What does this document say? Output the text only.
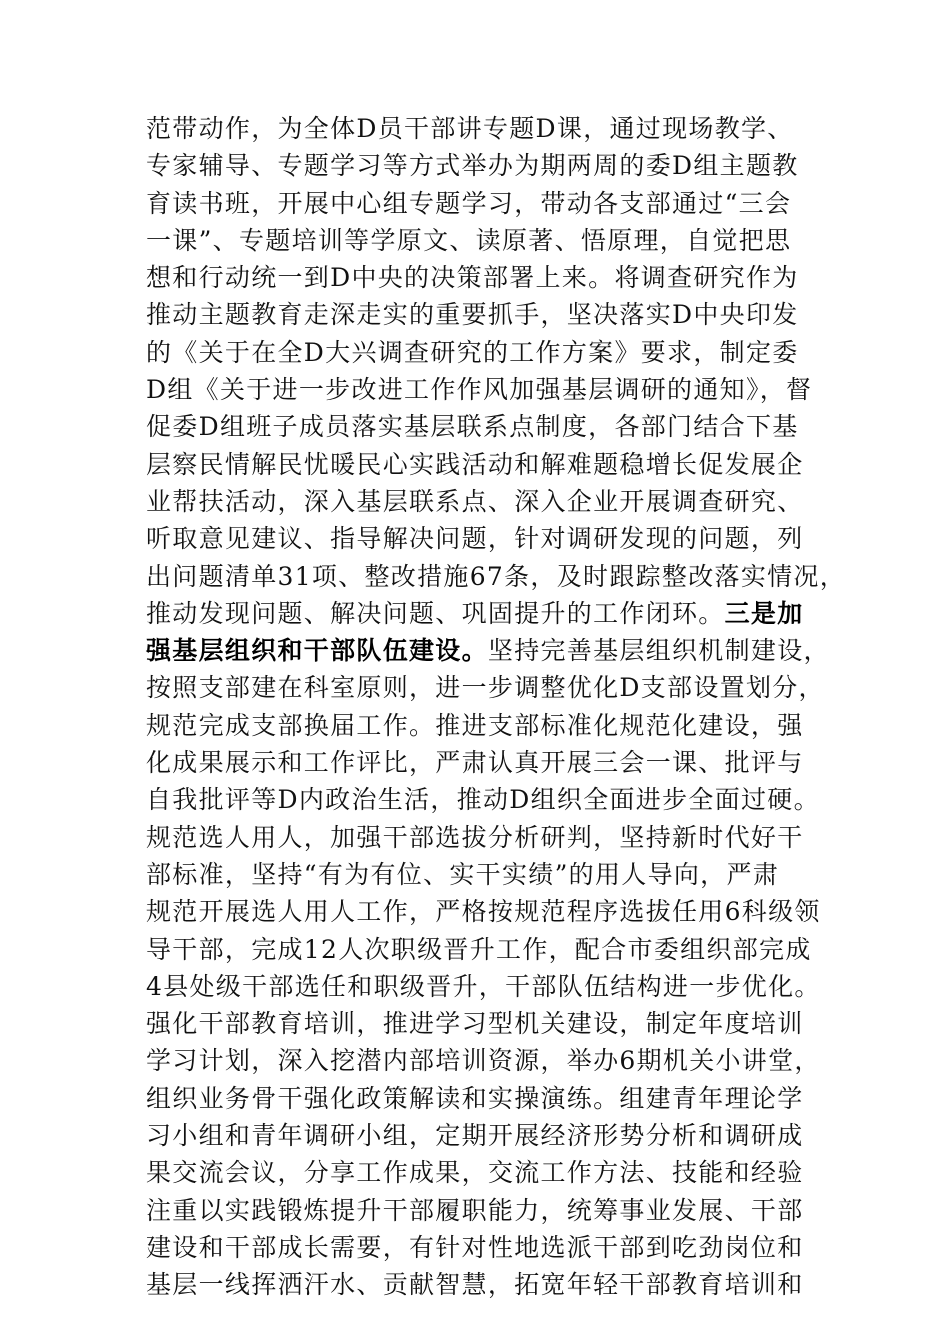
范带动作，为全体D员干部讲专题D课，通过现场教学、
专家辅导、专题学习等方式举办为期两周的委D组主题教
育读书班，开展中心组专题学习，带动各支部通过“三会
一课”、专题培训等学原文、读原著、悟原理，自觉把思
想和行动统一到D中央的决策部署上来。将调查研究作为
推动主题教育走深走实的重要抓手，坚决落实D中央印发
的《关于在全D大兴调查研究的工作方案》要求，制定委
D组《关于进一步改进工作作风加强基层调研的通知》，督
促委D组班子成员落实基层联系点制度，各部门结合下基
层察民情解民忧暖民心实践活动和解难题稳增长促发展企
业帮扶活动，深入基层联系点、深入企业开展调查研究、
听取意见建议、指导解决问题，针对调研发现的问题，列
出问题清单31项、整改措施67条，及时跟踪整改落实情况，
推动发现问题、解决问题、巩固提升的工作闭环。三是加
强基层组织和干部队伍建设。坚持完善基层组织机制建设，
按照支部建在科室原则，进一步调整优化D支部设置划分，
规范完成支部换届工作。推进支部标准化规范化建设，强
化成果展示和工作评比，严肃认真开展三会一课、批评与
自我批评等D内政治生活，推动D组织全面进步全面过硬。
规范选人用人，加强干部选拔分析研判，坚持新时代好干
部标准，坚持“有为有位、实干实绩”的用人导向，严肃
规范开展选人用人工作，严格按规范程序选拔任用6科级领
导干部，完成12人次职级晋升工作，配合市委组织部完成
4县处级干部选任和职级晋升，干部队伍结构进一步优化。
强化干部教育培训，推进学习型机关建设，制定年度培训
学习计划，深入挖潜内部培训资源，举办6期机关小讲堂，
组织业务骨干强化政策解读和实操演练。组建青年理论学
习小组和青年调研小组，定期开展经济形势分析和调研成
果交流会议，分享工作成果，交流工作方法、技能和经验
注重以实践锻炼提升干部履职能力，统筹事业发展、干部
建设和干部成长需要，有针对性地选派干部到吃劲岗位和
基层一线挥洒汗水、贡献智慧，拓宽年轻干部教育培训和
